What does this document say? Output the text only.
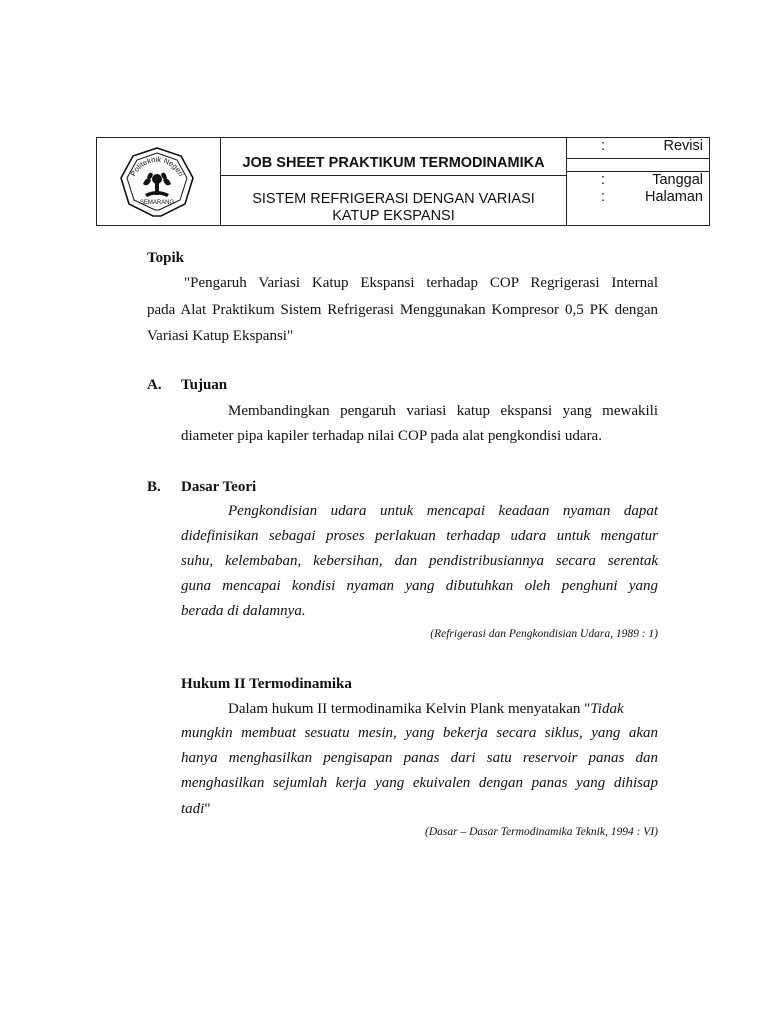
Politeknik Negeri
SEMARANG
JOB SHEET PRAKTIKUM TERMODINAMIKA
SISTEM REFRIGERASI DENGAN VARIASI
KATUP EKSPANSI
:	Revisi
:	Tanggal
:	Halaman
Topik
"Pengaruh Variasi Katup Ekspansi terhadap COP Regrigerasi Internal
pada Alat Praktikum Sistem Refrigerasi Menggunakan Kompresor 0,5 PK dengan
Variasi Katup Ekspansi"
A. Tujuan
Membandingkan pengaruh variasi katup ekspansi yang mewakili
diameter pipa kapiler terhadap nilai COP pada alat pengkondisi udara.
B. Dasar Teori
Pengkondisian udara untuk mencapai keadaan nyaman dapat
didefinisikan sebagai proses perlakuan terhadap udara untuk mengatur
suhu, kelembaban, kebersihan, dan pendistribusiannya secara serentak
guna mencapai kondisi nyaman yang dibutuhkan oleh penghuni yang
berada di dalamnya.
(Refrigerasi dan Pengkondisian Udara, 1989 : 1)
Hukum II Termodinamika
Dalam hukum II termodinamika Kelvin Plank menyatakan "Tidak
mungkin membuat sesuatu mesin, yang bekerja secara siklus, yang akan
hanya menghasilkan pengisapan panas dari satu reservoir panas dan
menghasilkan sejumlah kerja yang ekuivalen dengan panas yang dihisap
tadi"
(Dasar – Dasar Termodinamika Teknik, 1994 : VI)
